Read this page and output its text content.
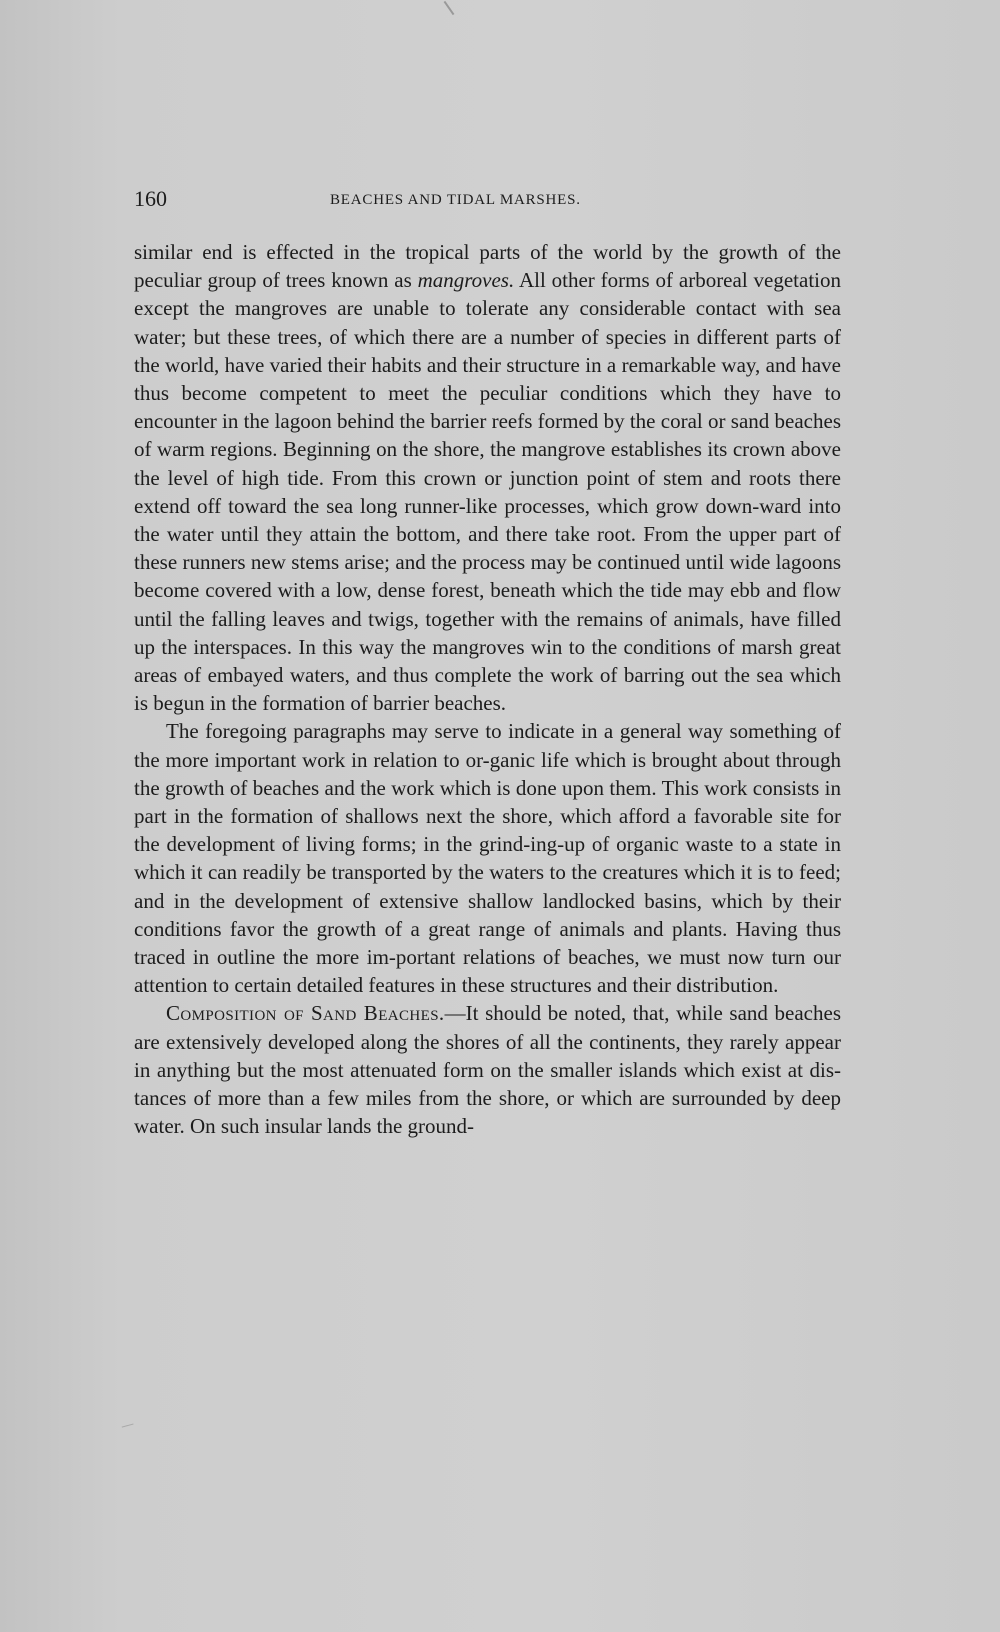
160	BEACHES AND TIDAL MARSHES.

similar end is effected in the tropical parts of the world by the growth of the peculiar group of trees known as mangroves. All other forms of arboreal vegetation except the mangroves are unable to tolerate any considerable contact with sea water; but these trees, of which there are a number of species in different parts of the world, have varied their habits and their structure in a remarkable way, and have thus become competent to meet the peculiar conditions which they have to encounter in the lagoon behind the barrier reefs formed by the coral or sand beaches of warm regions. Beginning on the shore, the mangrove establishes its crown above the level of high tide. From this crown or junction point of stem and roots there extend off toward the sea long runner-like processes, which grow down-ward into the water until they attain the bottom, and there take root. From the upper part of these runners new stems arise; and the process may be continued until wide lagoons become covered with a low, dense forest, beneath which the tide may ebb and flow until the falling leaves and twigs, together with the remains of animals, have filled up the interspaces. In this way the mangroves win to the conditions of marsh great areas of embayed waters, and thus complete the work of barring out the sea which is begun in the formation of barrier beaches.

The foregoing paragraphs may serve to indicate in a general way something of the more important work in relation to or-ganic life which is brought about through the growth of beaches and the work which is done upon them. This work consists in part in the formation of shallows next the shore, which afford a favorable site for the development of living forms; in the grind-ing-up of organic waste to a state in which it can readily be transported by the waters to the creatures which it is to feed; and in the development of extensive shallow landlocked basins, which by their conditions favor the growth of a great range of animals and plants. Having thus traced in outline the more im-portant relations of beaches, we must now turn our attention to certain detailed features in these structures and their distribution.

Composition of Sand Beaches.—It should be noted, that, while sand beaches are extensively developed along the shores of all the continents, they rarely appear in anything but the most attenuated form on the smaller islands which exist at dis-tances of more than a few miles from the shore, or which are surrounded by deep water. On such insular lands the ground-
